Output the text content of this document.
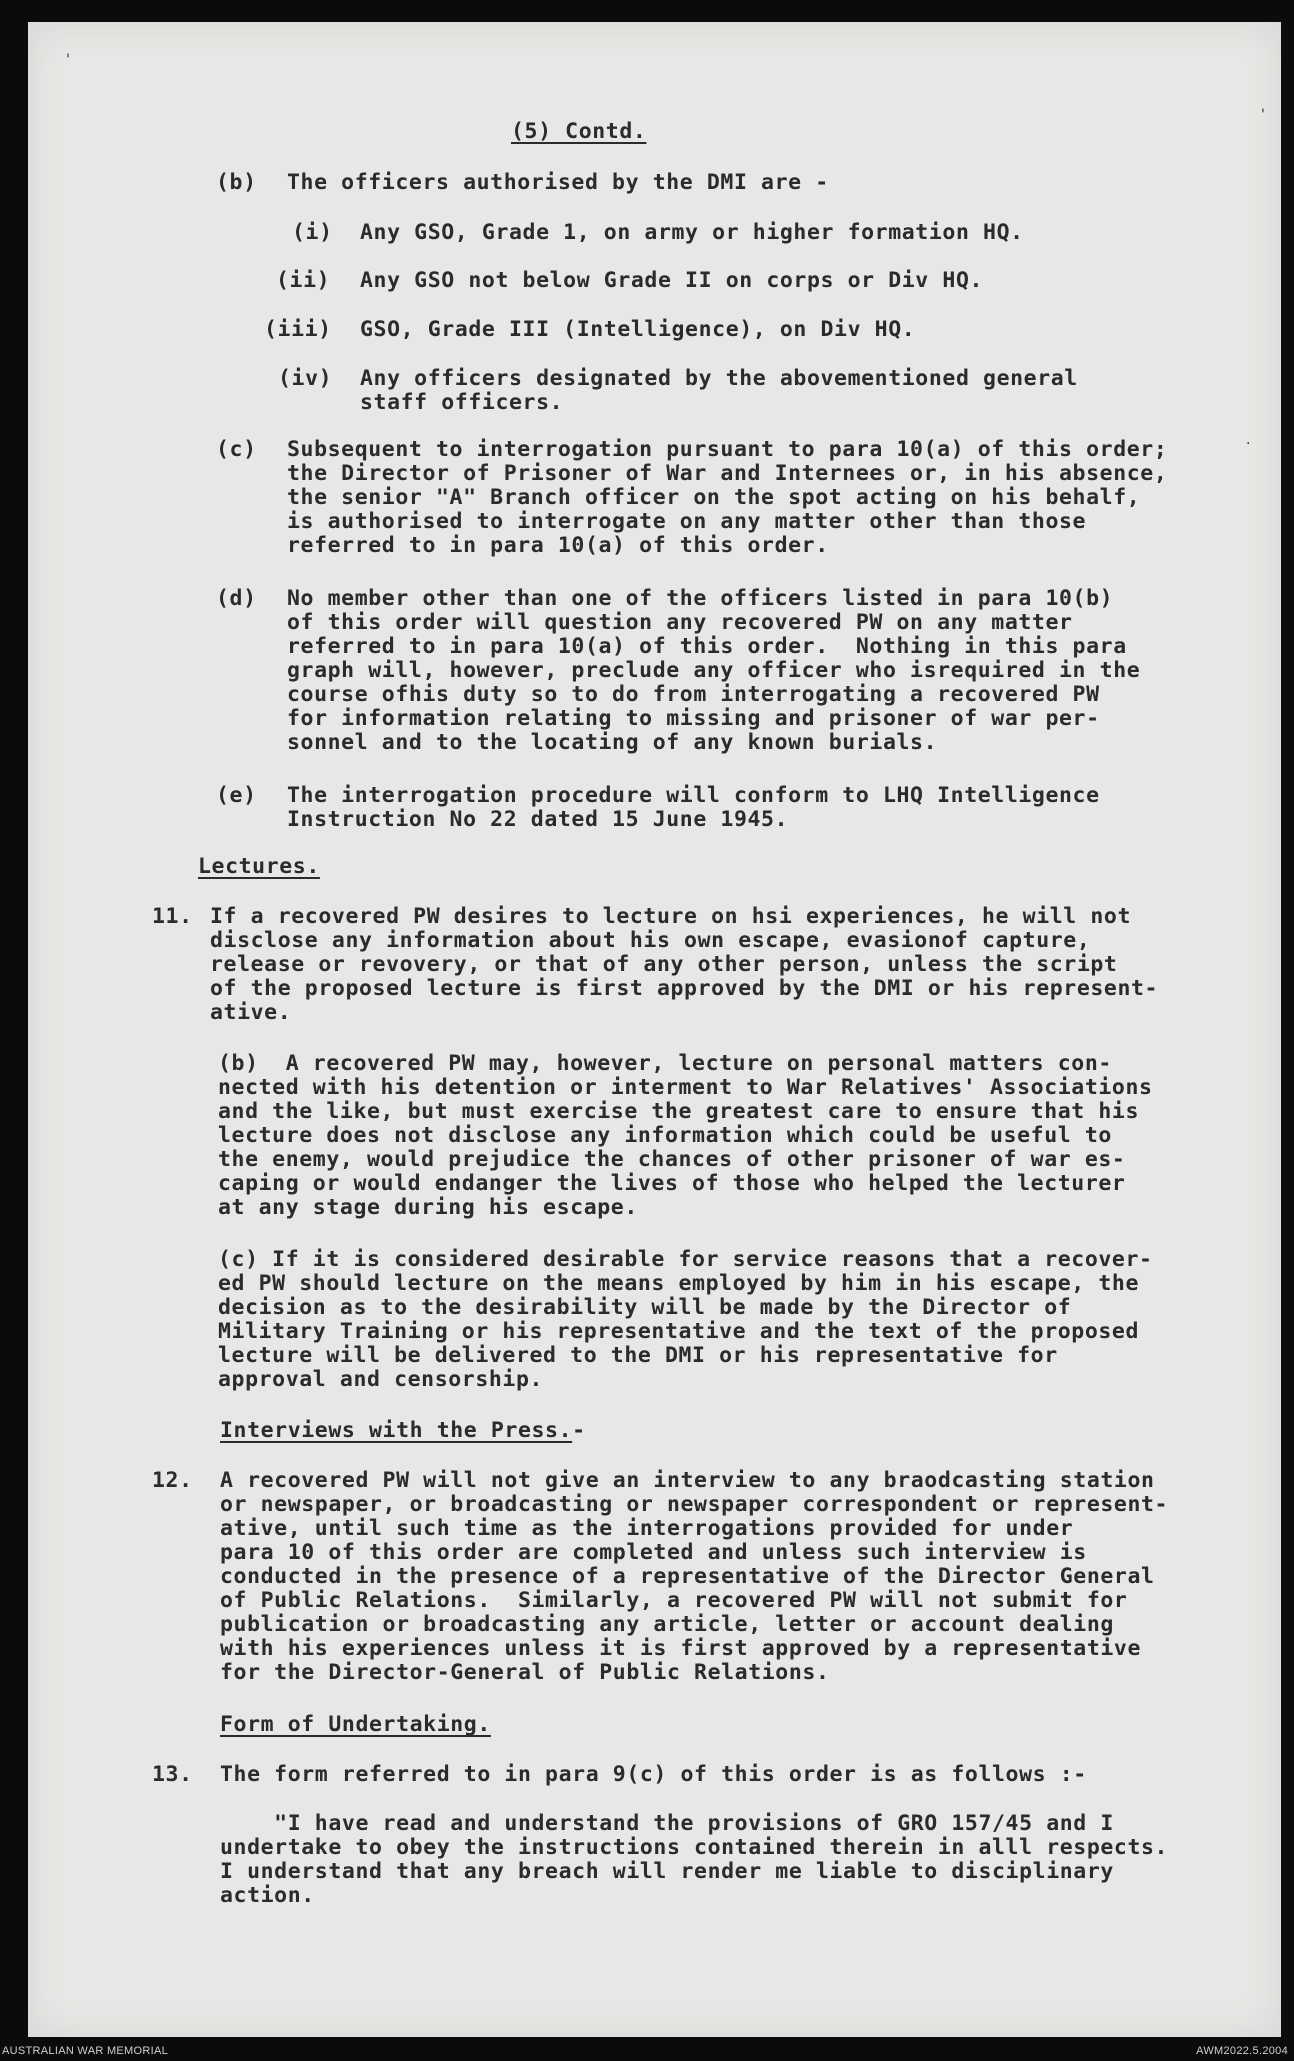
'
'
.
(5) Contd.
(b) The officers authorised by the DMI are -
(i) Any GSO, Grade 1, on army or higher formation HQ.
(ii) Any GSO not below Grade II on corps or Div HQ.
(iii) GSO, Grade III (Intelligence), on Div HQ.
(iv) Any officers designated by the abovementioned general
staff officers.
(c) Subsequent to interrogation pursuant to para 10(a) of this order;
the Director of Prisoner of War and Internees or, in his absence,
the senior "A" Branch officer on the spot acting on his behalf,
is authorised to interrogate on any matter other than those
referred to in para 10(a) of this order.
(d) No member other than one of the officers listed in para 10(b)
of this order will question any recovered PW on any matter
referred to in para 10(a) of this order.  Nothing in this para
graph will, however, preclude any officer who isrequired in the
course ofhis duty so to do from interrogating a recovered PW
for information relating to missing and prisoner of war per-
sonnel and to the locating of any known burials.
(e) The interrogation procedure will conform to LHQ Intelligence
Instruction No 22 dated 15 June 1945.
Lectures.
11. If a recovered PW desires to lecture on hsi experiences, he will not
disclose any information about his own escape, evasionof capture,
release or revovery, or that of any other person, unless the script
of the proposed lecture is first approved by the DMI or his represent-
ative.
(b)  A recovered PW may, however, lecture on personal matters con-
nected with his detention or interment to War Relatives' Associations
and the like, but must exercise the greatest care to ensure that his
lecture does not disclose any information which could be useful to
the enemy, would prejudice the chances of other prisoner of war es-
caping or would endanger the lives of those who helped the lecturer
at any stage during his escape.
(c) If it is considered desirable for service reasons that a recover-
ed PW should lecture on the means employed by him in his escape, the
decision as to the desirability will be made by the Director of
Military Training or his representative and the text of the proposed
lecture will be delivered to the DMI or his representative for
approval and censorship.
Interviews with the Press.-
12. A recovered PW will not give an interview to any braodcasting station
or newspaper, or broadcasting or newspaper correspondent or represent-
ative, until such time as the interrogations provided for under
para 10 of this order are completed and unless such interview is
conducted in the presence of a representative of the Director General
of Public Relations.  Similarly, a recovered PW will not submit for
publication or broadcasting any article, letter or account dealing
with his experiences unless it is first approved by a representative
for the Director-General of Public Relations.
Form of Undertaking.
13. The form referred to in para 9(c) of this order is as follows :-
"I have read and understand the provisions of GRO 157/45 and I
undertake to obey the instructions contained therein in alll respects.
I understand that any breach will render me liable to disciplinary
action.
AUSTRALIAN WAR MEMORIAL	AWM2022.5.2004
